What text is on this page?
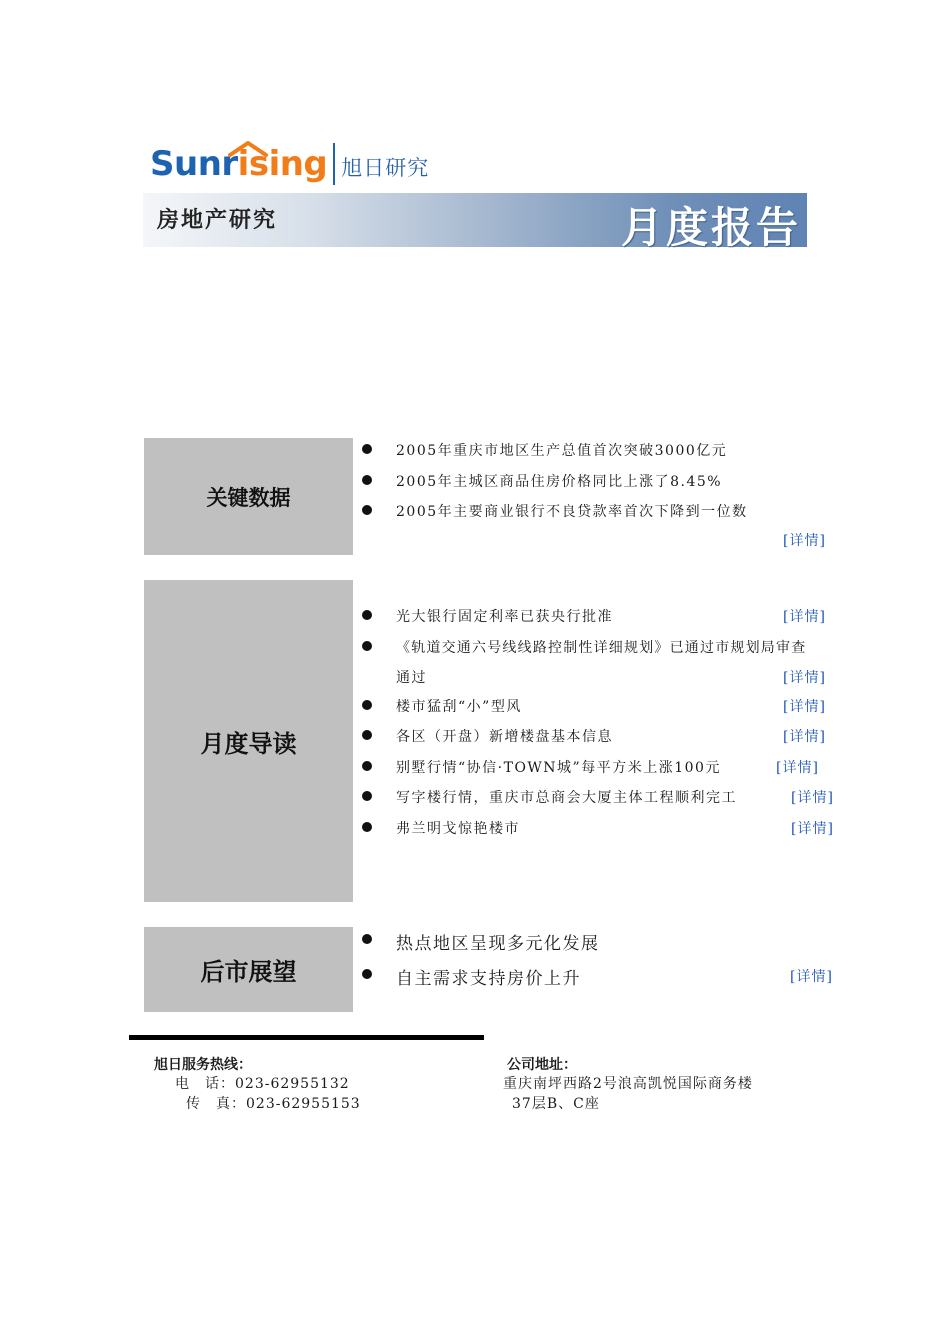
Sunrising 旭日研究
房地产研究	月度报告
关键数据
2005年重庆市地区生产总值首次突破3000亿元
2005年主城区商品住房价格同比上涨了8.45%
2005年主要商业银行不良贷款率首次下降到一位数
[详情]
月度导读
光大银行固定利率已获央行批准	[详情]
《轨道交通六号线线路控制性详细规划》已通过市规划局审查
通过	[详情]
楼市猛刮“小”型风	[详情]
各区（开盘）新增楼盘基本信息	[详情]
别墅行情“协信·TOWN城”每平方米上涨100元	[详情]
写字楼行情，重庆市总商会大厦主体工程顺利完工	[详情]
弗兰明戈惊艳楼市	[详情]
后市展望
热点地区呈现多元化发展
自主需求支持房价上升	[详情]
旭日服务热线：
电　话：023-62955132
传　真：023-62955153
公司地址：
重庆南坪西路2号浪高凯悦国际商务楼
37层B、C座
